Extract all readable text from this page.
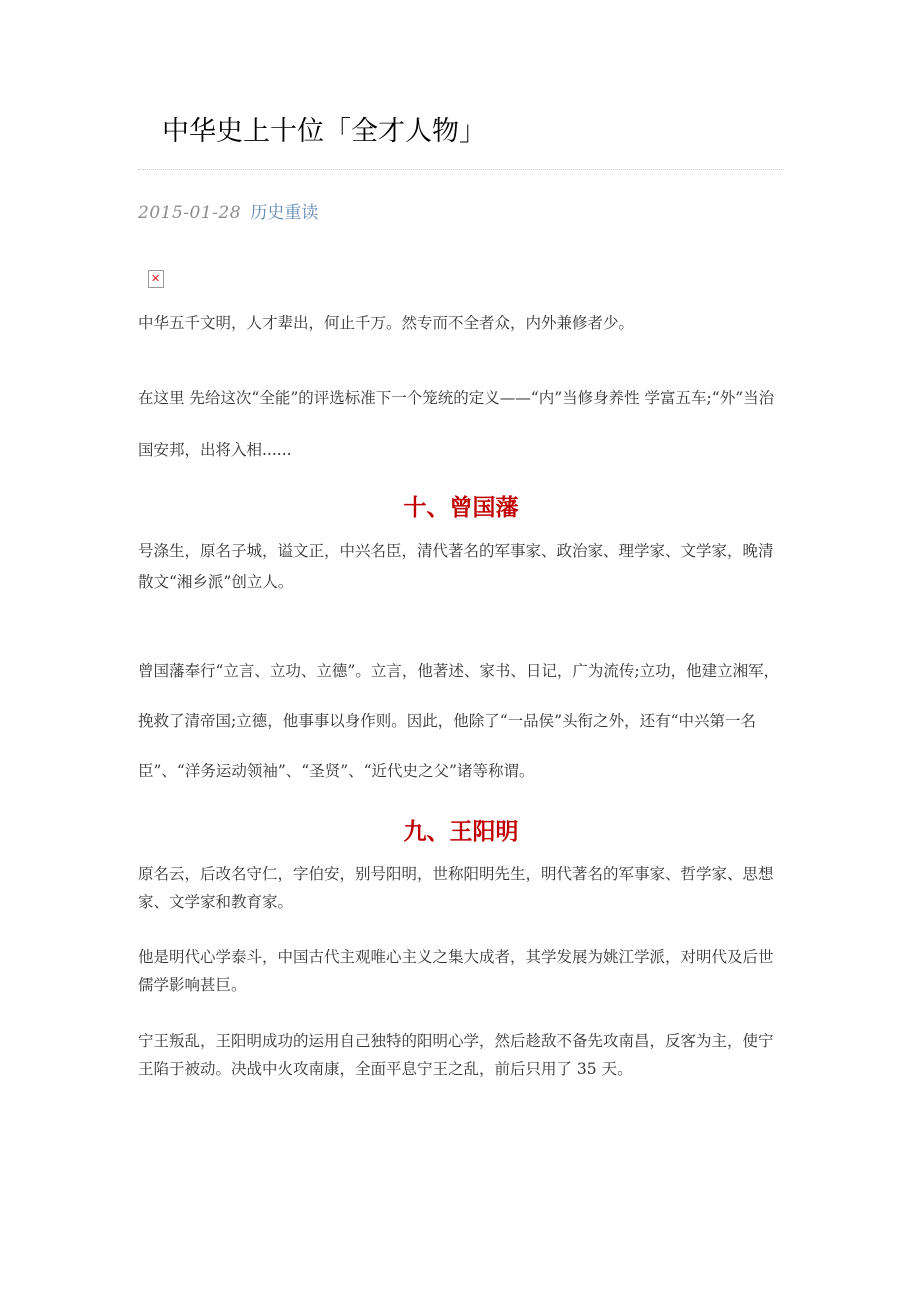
中华史上十位「全才人物」
2015-01-28 历史重读
✕

中华五千文明，人才辈出，何止千万。然专而不全者众，内外兼修者少。

在这里 先给这次“全能”的评选标准下一个笼统的定义——“内”当修身养性 学富五车;“外”当治国安邦，出将入相......

十、曾国藩

号涤生，原名子城，谥文正，中兴名臣，清代著名的军事家、政治家、理学家、文学家，晚清散文“湘乡派”创立人。

曾国藩奉行“立言、立功、立德”。立言，他著述、家书、日记，广为流传;立功，他建立湘军，挽救了清帝国;立德，他事事以身作则。因此，他除了“一品侯”头衔之外，还有“中兴第一名臣”、“洋务运动领袖”、“圣贤”、“近代史之父”诸等称谓。

九、王阳明

原名云，后改名守仁，字伯安，别号阳明，世称阳明先生，明代著名的军事家、哲学家、思想家、文学家和教育家。

他是明代心学泰斗，中国古代主观唯心主义之集大成者，其学发展为姚江学派，对明代及后世儒学影响甚巨。

宁王叛乱，王阳明成功的运用自己独特的阳明心学，然后趁敌不备先攻南昌，反客为主，使宁王陷于被动。决战中火攻南康，全面平息宁王之乱，前后只用了 35 天。
